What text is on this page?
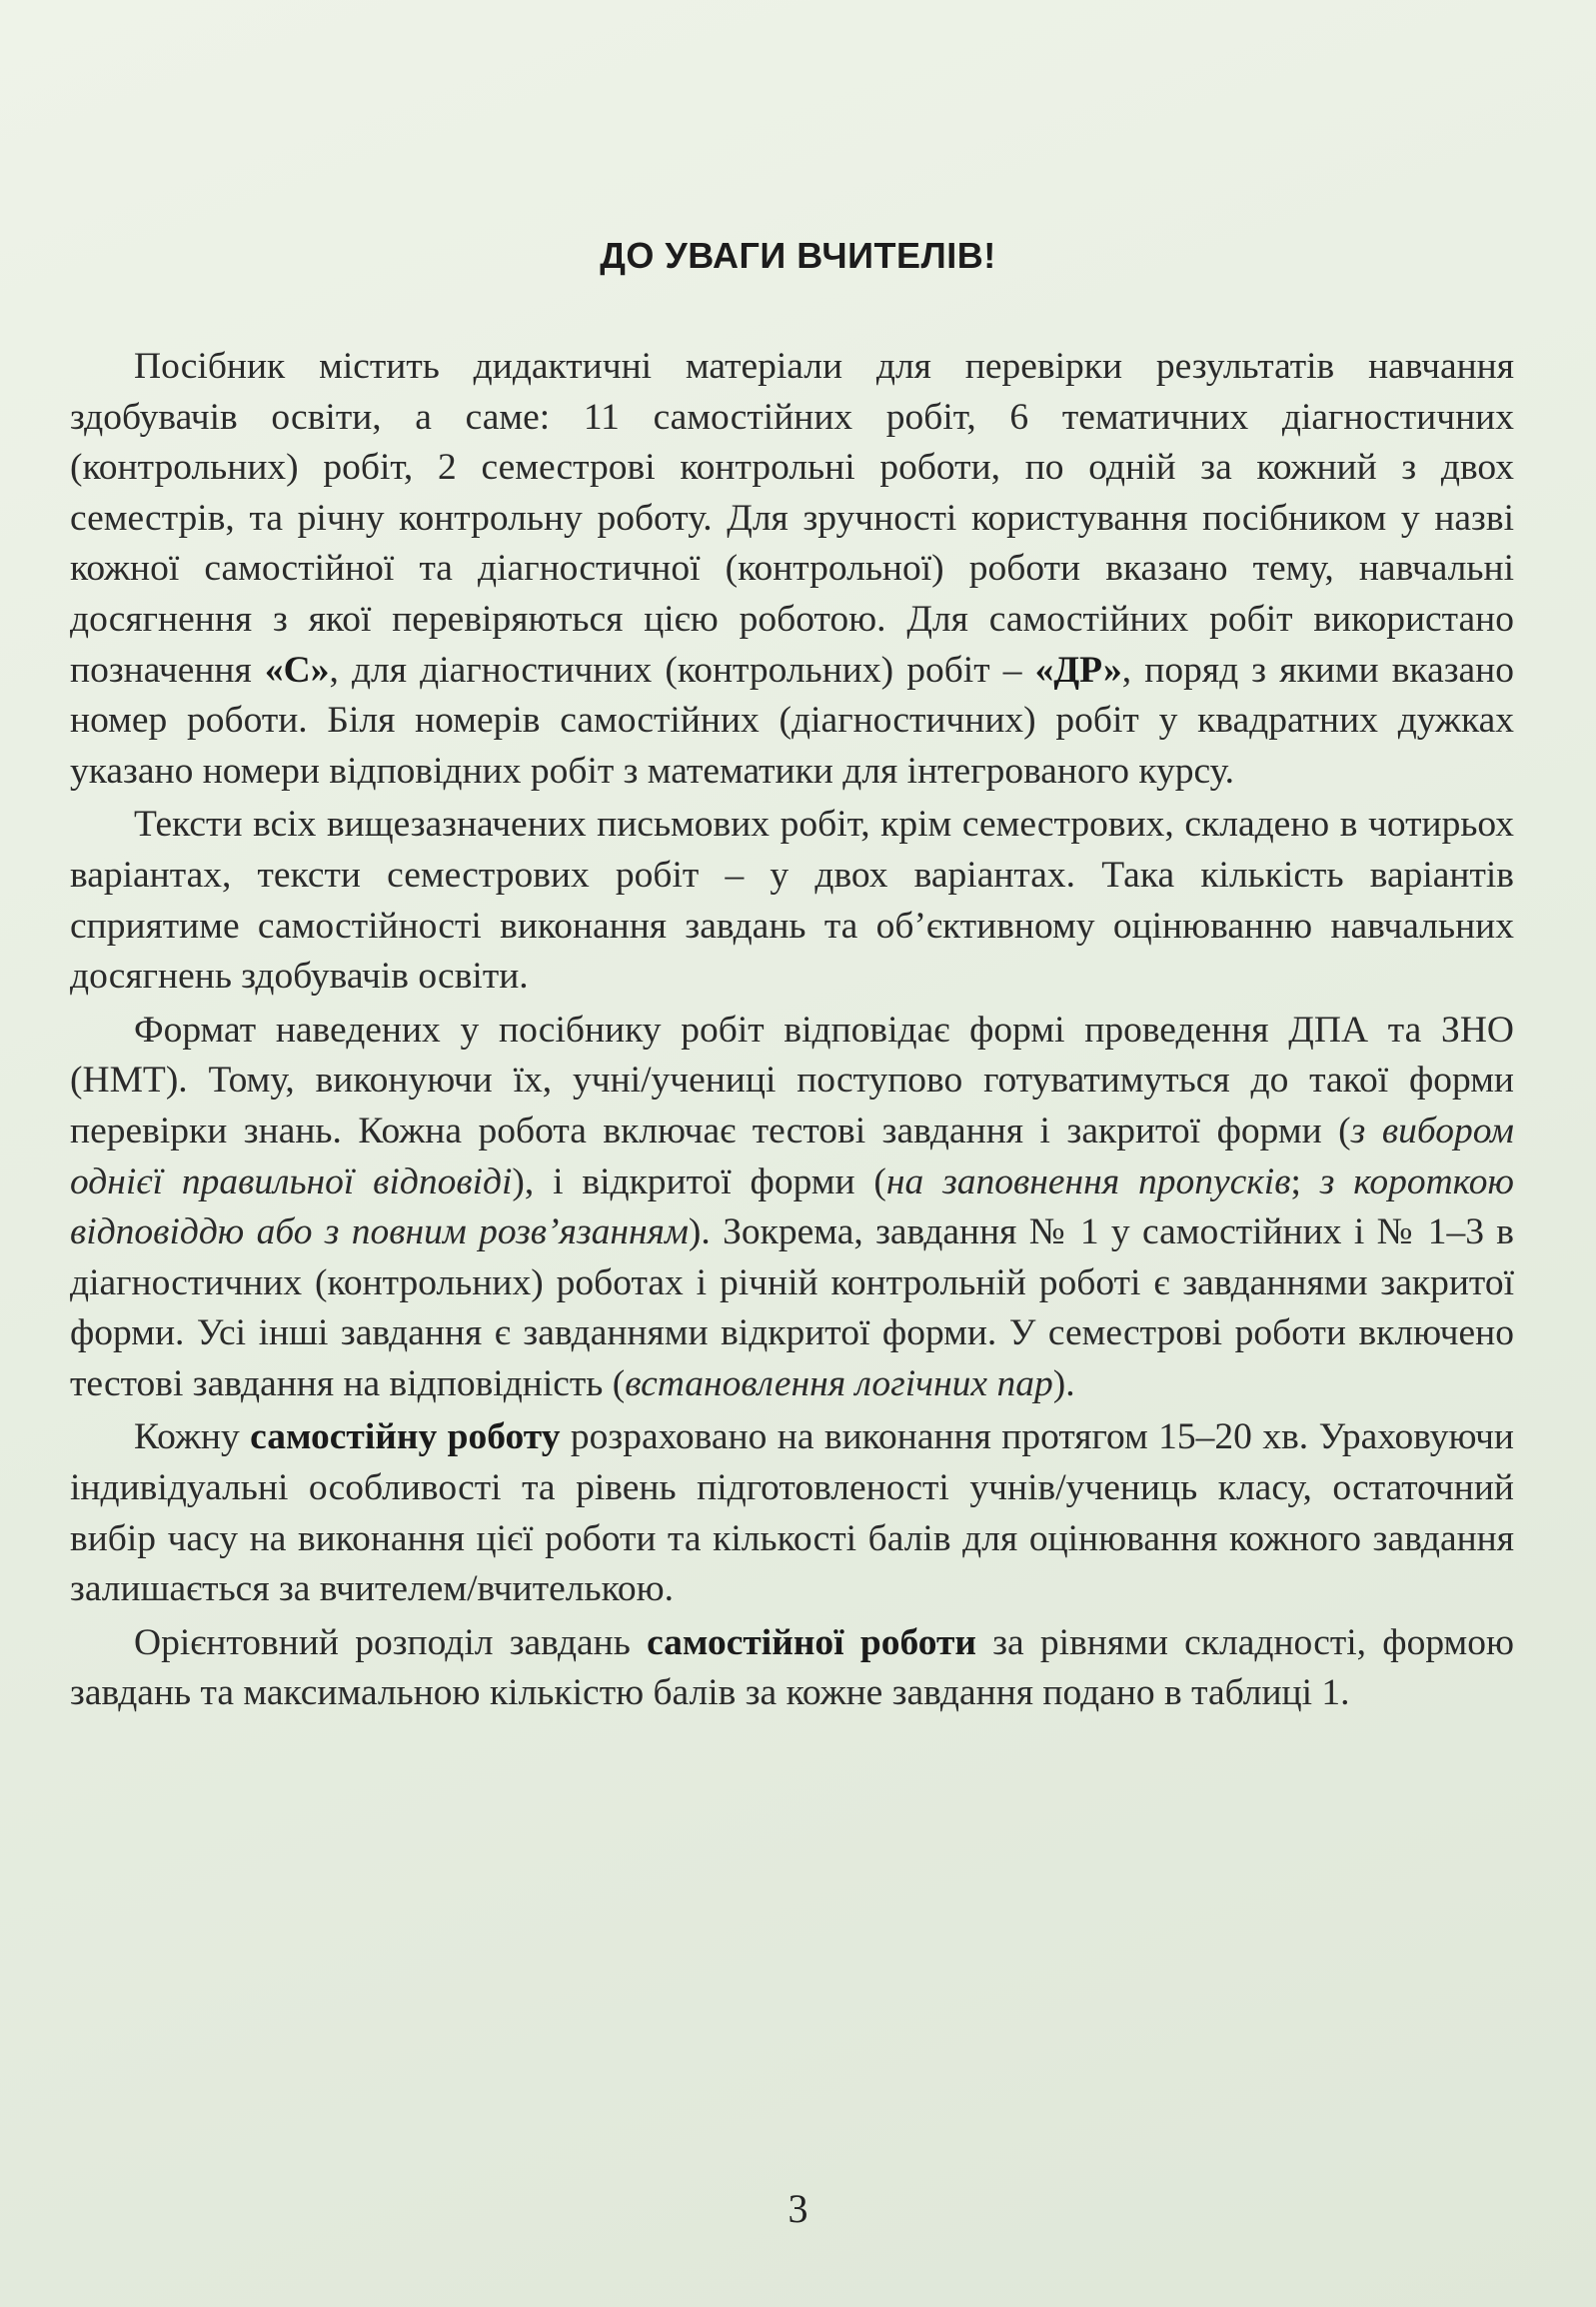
ДО УВАГИ ВЧИТЕЛІВ!

Посібник містить дидактичні матеріали для перевірки результатів навчання здобувачів освіти, а саме: 11 самостійних робіт, 6 тематичних діагностичних (контрольних) робіт, 2 семестрові контрольні роботи, по одній за кожний з двох семестрів, та річну контрольну роботу. Для зручності користування посібником у назві кожної самостійної та діагностичної (контрольної) роботи вказано тему, навчальні досягнення з якої перевіряються цією роботою. Для самостійних робіт використано позначення «С», для діагностичних (контрольних) робіт – «ДР», поряд з якими вказано номер роботи. Біля номерів самостійних (діагностичних) робіт у квадратних дужках указано номери відповідних робіт з математики для інтегрованого курсу.

Тексти всіх вищезазначених письмових робіт, крім семестрових, складено в чотирьох варіантах, тексти семестрових робіт – у двох варіантах. Така кількість варіантів сприятиме самостійності виконання завдань та об’єктивному оцінюванню навчальних досягнень здобувачів освіти.

Формат наведених у посібнику робіт відповідає формі проведення ДПА та ЗНО (НМТ). Тому, виконуючи їх, учні/учениці поступово готуватимуться до такої форми перевірки знань. Кожна робота включає тестові завдання і закритої форми (з вибором однієї правильної відповіді), і відкритої форми (на заповнення пропусків; з короткою відповіддю або з повним розв’язанням). Зокрема, завдання № 1 у самостійних і № 1–3 в діагностичних (контрольних) роботах і річній контрольній роботі є завданнями закритої форми. Усі інші завдання є завданнями відкритої форми. У семестрові роботи включено тестові завдання на відповідність (встановлення логічних пар).

Кожну самостійну роботу розраховано на виконання протягом 15–20 хв. Ураховуючи індивідуальні особливості та рівень підготовленості учнів/учениць класу, остаточний вибір часу на виконання цієї роботи та кількості балів для оцінювання кожного завдання залишається за вчителем/вчителькою.

Орієнтовний розподіл завдань самостійної роботи за рівнями складності, формою завдань та максимальною кількістю балів за кожне завдання подано в таблиці 1.

3
